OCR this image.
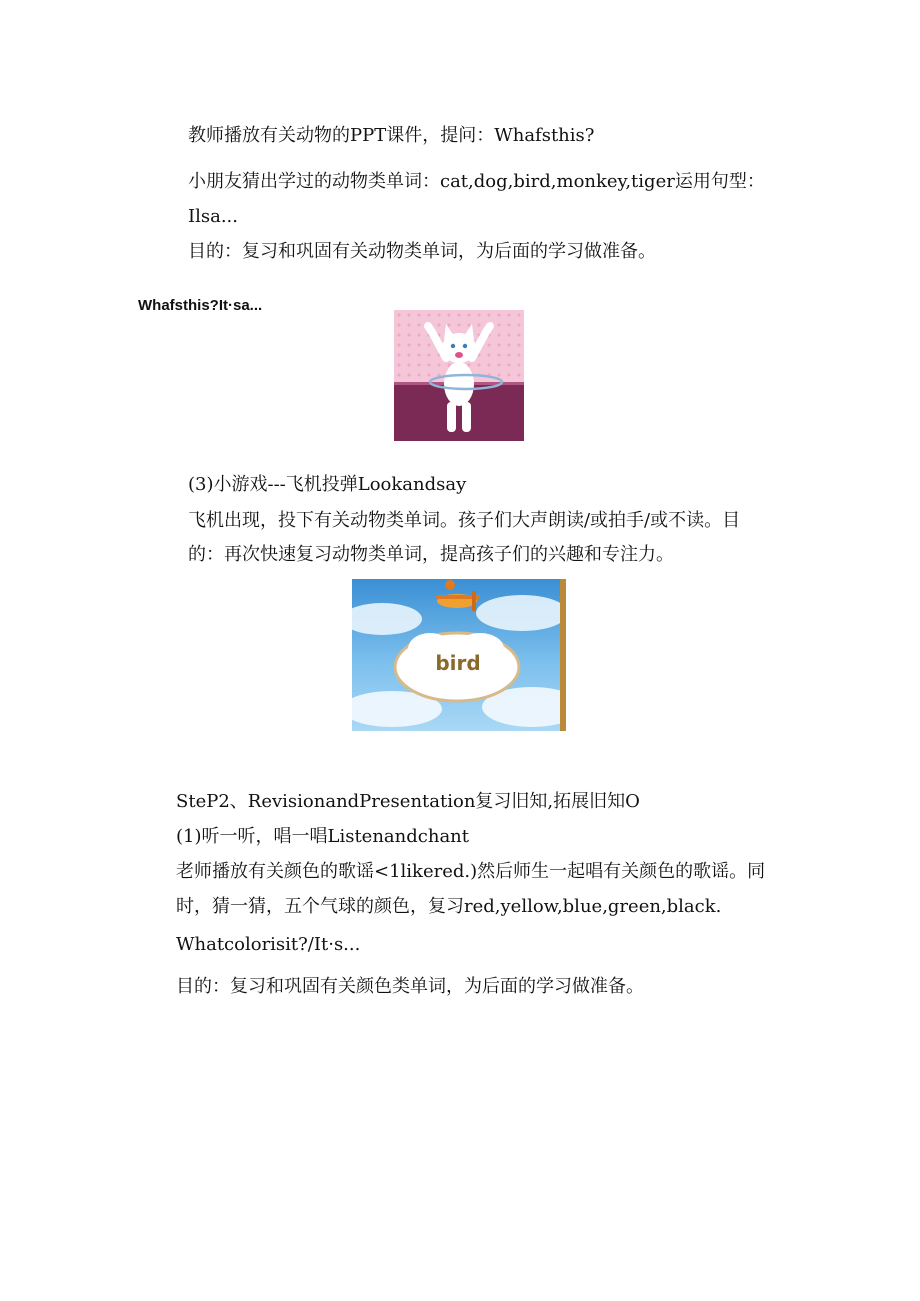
教师播放有关动物的PPT课件，提问：Whafsthis?
小朋友猜出学过的动物类单词：cat,dog,bird,monkey,tiger运用句型：
Ilsa...
目的：复习和巩固有关动物类单词，为后面的学习做准备。
Whafsthis?It·sa...
(3)小游戏---飞机投弹Lookandsay
飞机出现，投下有关动物类单词。孩子们大声朗读/或拍手/或不读。目
的：再次快速复习动物类单词，提高孩子们的兴趣和专注力。
bird
SteP2、RevisionandPresentation复习旧知,拓展旧知O
(1)听一听，唱一唱Listenandchant
老师播放有关颜色的歌谣<1likered.)然后师生一起唱有关颜色的歌谣。同
时，猜一猜，五个气球的颜色，复习red,yellow,blue,green,black.
Whatcolorisit?/It·s...
目的：复习和巩固有关颜色类单词，为后面的学习做准备。
